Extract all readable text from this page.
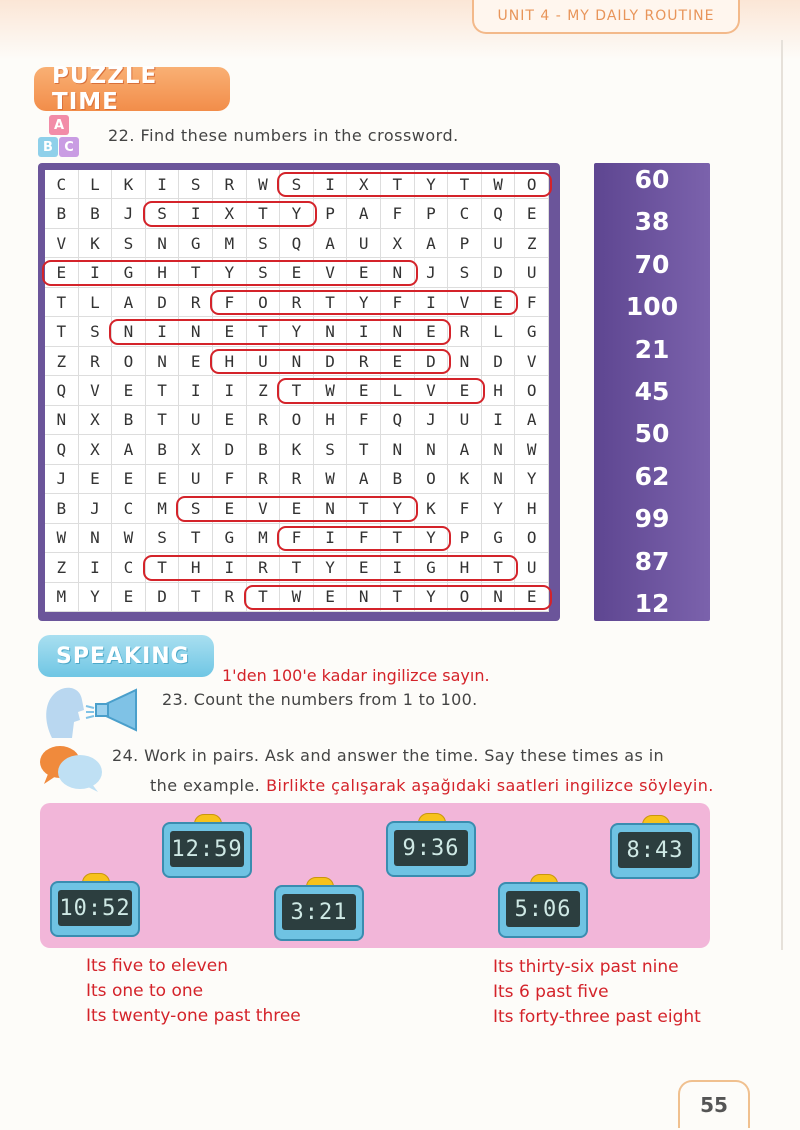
UNIT 4 - MY DAILY ROUTINE
PUZZLE TIME
A
B C
22. Find these numbers in the crossword.
C	L	K	I	S	R	W	S	I	X	T	Y	T	W	O
B	B	J	S	I	X	T	Y	P	A	F	P	C	Q	E
V	K	S	N	G	M	S	Q	A	U	X	A	P	U	Z
E	I	G	H	T	Y	S	E	V	E	N	J	S	D	U
T	L	A	D	R	F	O	R	T	Y	F	I	V	E	F
T	S	N	I	N	E	T	Y	N	I	N	E	R	L	G
Z	R	O	N	E	H	U	N	D	R	E	D	N	D	V
Q	V	E	T	I	I	Z	T	W	E	L	V	E	H	O
N	X	B	T	U	E	R	O	H	F	Q	J	U	I	A
Q	X	A	B	X	D	B	K	S	T	N	N	A	N	W
J	E	E	E	U	F	R	R	W	A	B	O	K	N	Y
B	J	C	M	S	E	V	E	N	T	Y	K	F	Y	H
W	N	W	S	T	G	M	F	I	F	T	Y	P	G	O
Z	I	C	T	H	I	R	T	Y	E	I	G	H	T	U
M	Y	E	D	T	R	T	W	E	N	T	Y	O	N	E
60
38
70
100
21
45
50
62
99
87
12
SPEAKING
1'den 100'e kadar ingilizce sayın.
23. Count the numbers from 1 to 100.
24. Work in pairs. Ask and answer the time. Say these times as in
the example. Birlikte çalışarak aşağıdaki saatleri ingilizce söyleyin.
12:59
10:52	3:21
9:36
5:06
8:43
Its five to eleven
Its one to one
Its twenty-one past three
Its thirty-six past nine
Its 6 past five
Its forty-three past eight
55
